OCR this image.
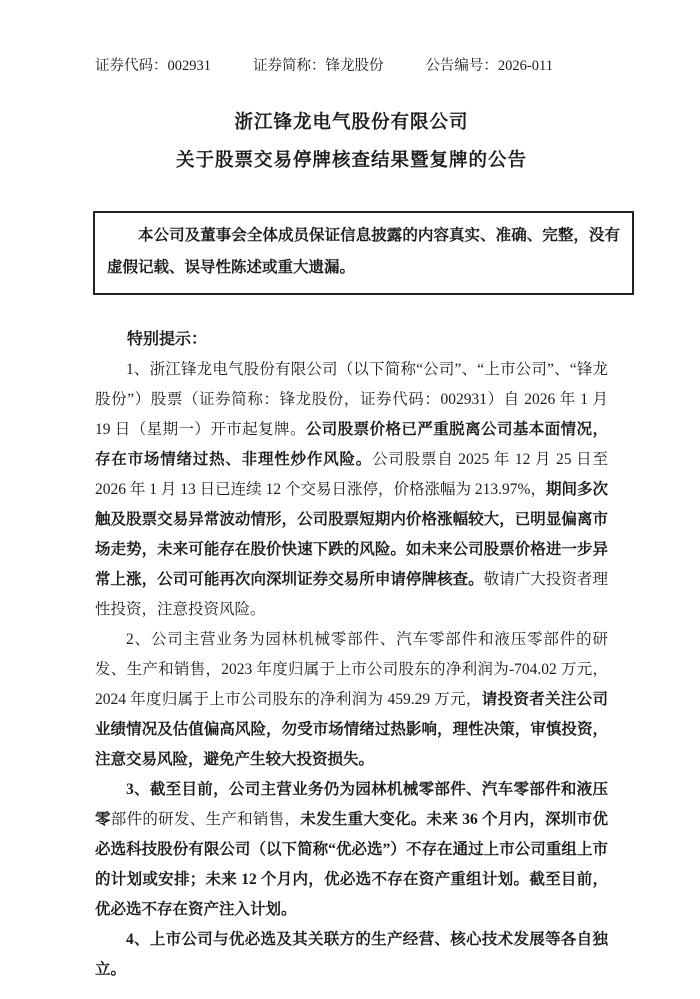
证券代码：002931	证券简称：锋龙股份	公告编号：2026-011
浙江锋龙电气股份有限公司
关于股票交易停牌核查结果暨复牌的公告

本公司及董事会全体成员保证信息披露的内容真实、准确、完整，没有虚假记载、误导性陈述或重大遗漏。

特别提示：

1、浙江锋龙电气股份有限公司（以下简称“公司”、“上市公司”、“锋龙股份”）股票（证券简称：锋龙股份，证券代码：002931）自 2026 年 1 月 19 日（星期一）开市起复牌。公司股票价格已严重脱离公司基本面情况，存在市场情绪过热、非理性炒作风险。公司股票自 2025 年 12 月 25 日至 2026 年 1 月 13 日已连续 12 个交易日涨停，价格涨幅为 213.97%，期间多次触及股票交易异常波动情形，公司股票短期内价格涨幅较大，已明显偏离市场走势，未来可能存在股价快速下跌的风险。如未来公司股票价格进一步异常上涨，公司可能再次向深圳证券交易所申请停牌核查。敬请广大投资者理性投资，注意投资风险。

2、公司主营业务为园林机械零部件、汽车零部件和液压零部件的研发、生产和销售，2023 年度归属于上市公司股东的净利润为-704.02 万元，2024 年度归属于上市公司股东的净利润为 459.29 万元，请投资者关注公司业绩情况及估值偏高风险，勿受市场情绪过热影响，理性决策，审慎投资，注意交易风险，避免产生较大投资损失。

3、截至目前，公司主营业务仍为园林机械零部件、汽车零部件和液压零部件的研发、生产和销售，未发生重大变化。未来 36 个月内，深圳市优必选科技股份有限公司（以下简称“优必选”）不存在通过上市公司重组上市的计划或安排；未来 12 个月内，优必选不存在资产重组计划。截至目前，优必选不存在资产注入计划。

4、上市公司与优必选及其关联方的生产经营、核心技术发展等各自独立。
